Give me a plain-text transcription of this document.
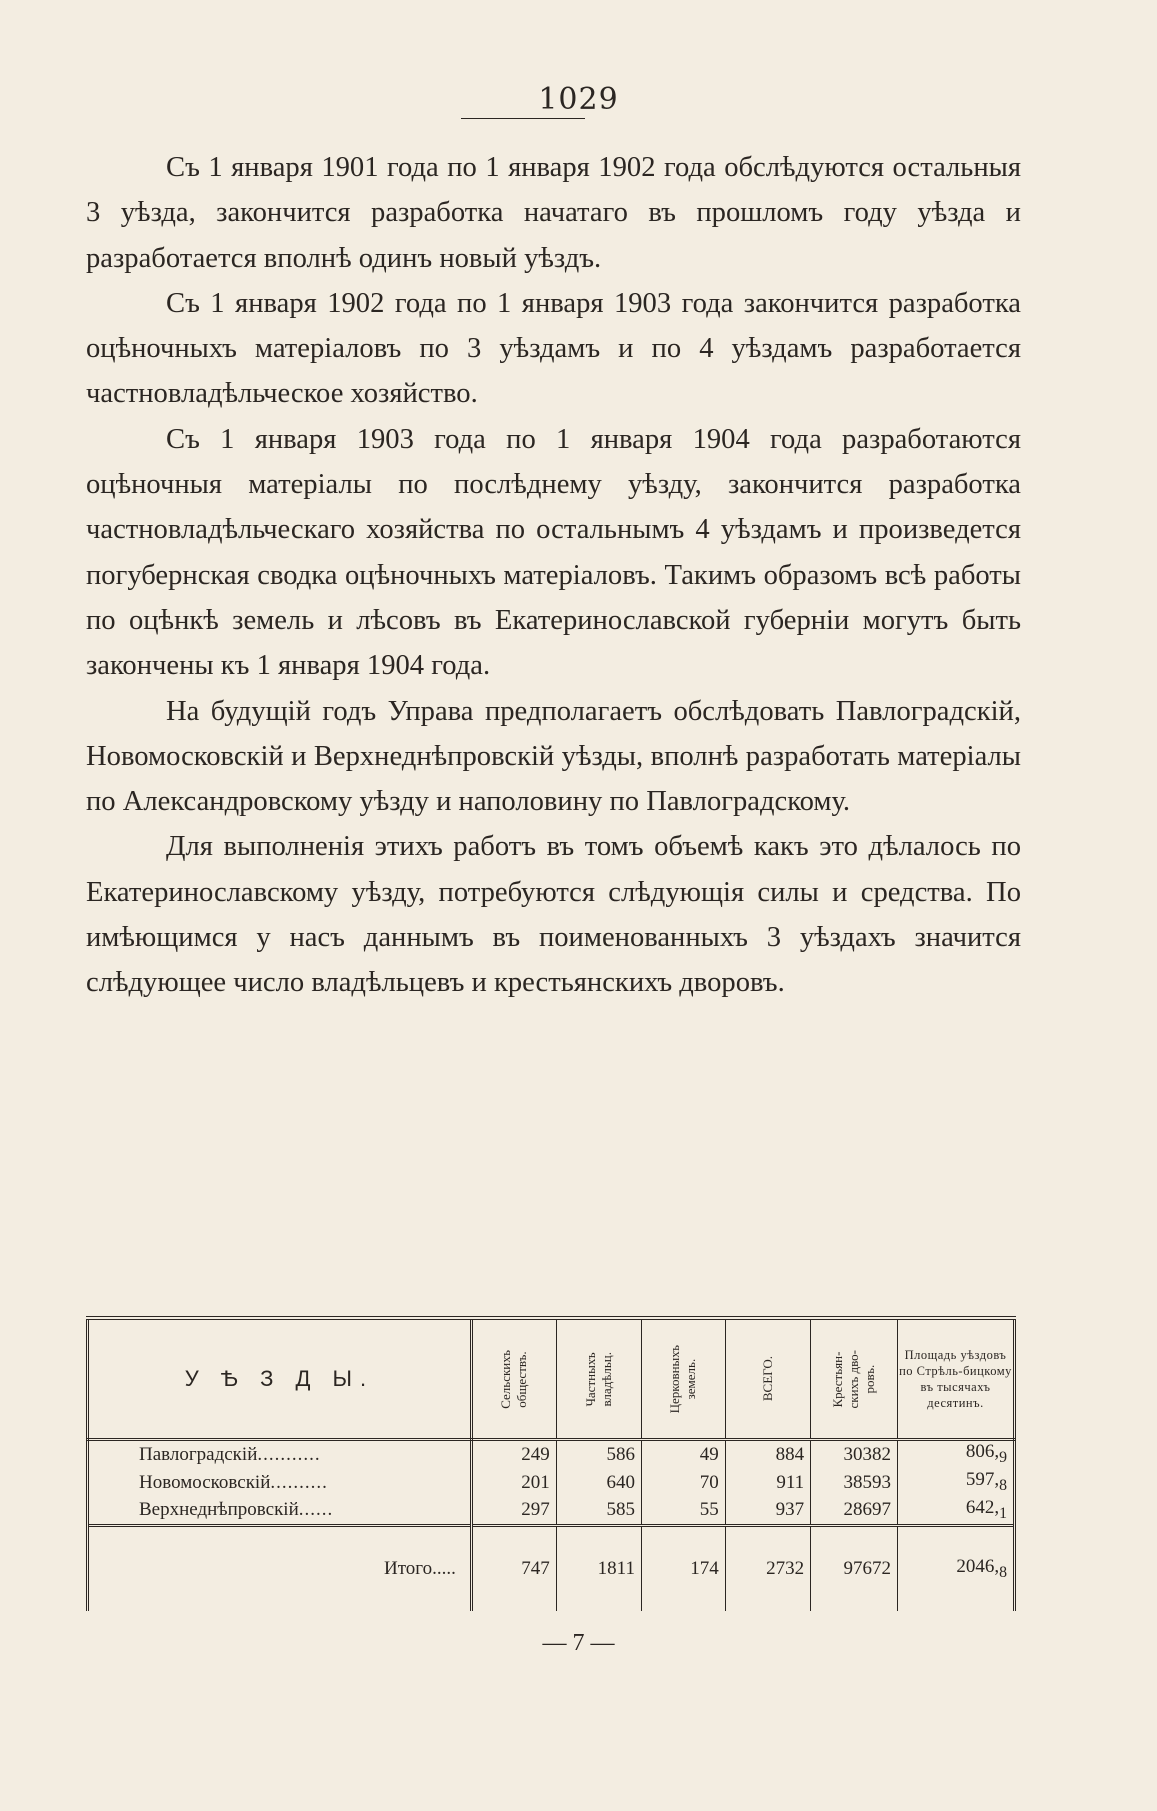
1029

Съ 1 января 1901 года по 1 января 1902 года обслѣдуются остальныя 3 уѣзда, закончится разработка начатаго въ прошломъ году уѣзда и разработается вполнѣ одинъ новый уѣздъ.

Съ 1 января 1902 года по 1 января 1903 года закончится разработка оцѣночныхъ матеріаловъ по 3 уѣздамъ и по 4 уѣздамъ разработается частновладѣльческое хозяйство.

Съ 1 января 1903 года по 1 января 1904 года разработаются оцѣночныя матеріалы по послѣднему уѣзду, закончится разработка частновладѣльческаго хозяйства по остальнымъ 4 уѣздамъ и произведется погубернская сводка оцѣночныхъ матеріаловъ. Такимъ образомъ всѣ работы по оцѣнкѣ земель и лѣсовъ въ Екатеринославской губерніи могутъ быть закончены къ 1 января 1904 года.

На будущій годъ Управа предполагаетъ обслѣдовать Павлоградскій, Новомосковскій и Верхнеднѣпровскій уѣзды, вполнѣ разработать матеріалы по Александровскому уѣзду и наполовину по Павлоградскому.

Для выполненія этихъ работъ въ томъ объемѣ какъ это дѣлалось по Екатеринославскому уѣзду, потребуются слѣдующія силы и средства. По имѣющимся у насъ даннымъ въ поименованныхъ 3 уѣздахъ значится слѣдующее число владѣльцевъ и крестьянскихъ дворовъ.

У Ѣ З Д Ы.	Сельскихъ обществъ.	Частныхъ владѣльц.	Церковныхъ земель.	ВСЕГО.	Крестьян- скихъ дво- ровъ.	Площадь уѣздовъ по Стрѣль-бицкому въ тысячахъ десятинъ.

Павлоградскій...........	249	586	49	884	30382	$806,_9$
Новомосковскій..........	201	640	70	911	38593	$597,_8$
Верхнеднѣпровскій......	297	585	55	937	28697	$642,_1$
Итого.....	747	1811	174	2732	97672	$2046,_8$
— 7 —
